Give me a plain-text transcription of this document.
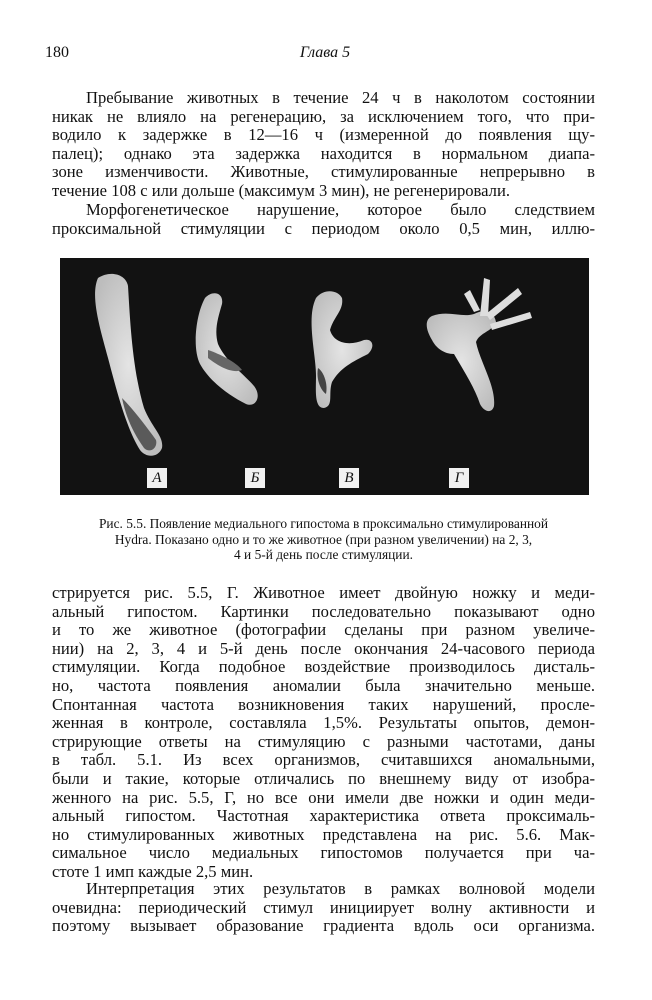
180	Глава 5

Пребывание животных в течение 24 ч в наколотом состоянии
никак не влияло на регенерацию, за исключением того, что при-
водило к задержке в 12—16 ч (измеренной до появления щу-
палец); однако эта задержка находится в нормальном диапа-
зоне изменчивости. Животные, стимулированные непрерывно в
течение 108 с или дольше (максимум 3 мин), не регенерировали.

Морфогенетическое нарушение, которое было следствием
проксимальной стимуляции с периодом около 0,5 мин, иллю-

А	Б	В	Г

Рис. 5.5. Появление медиального гипостома в проксимально стимулированной
Hydra. Показано одно и то же животное (при разном увеличении) на 2, 3,
4 и 5-й день после стимуляции.

стрируется рис. 5.5, Г. Животное имеет двойную ножку и меди-
альный гипостом. Картинки последовательно показывают одно
и то же животное (фотографии сделаны при разном увеличе-
нии) на 2, 3, 4 и 5-й день после окончания 24-часового периода
стимуляции. Когда подобное воздействие производилось дисталь-
но, частота появления аномалии была значительно меньше.
Спонтанная частота возникновения таких нарушений, просле-
женная в контроле, составляла 1,5%. Результаты опытов, демон-
стрирующие ответы на стимуляцию с разными частотами, даны
в табл. 5.1. Из всех организмов, считавшихся аномальными,
были и такие, которые отличались по внешнему виду от изобра-
женного на рис. 5.5, Г, но все они имели две ножки и один меди-
альный гипостом. Частотная характеристика ответа проксималь-
но стимулированных животных представлена на рис. 5.6. Мак-
симальное число медиальных гипостомов получается при ча-
стоте 1 имп каждые 2,5 мин.

Интерпретация этих результатов в рамках волновой модели
очевидна: периодический стимул инициирует волну активности и
поэтому вызывает образование градиента вдоль оси организма.
